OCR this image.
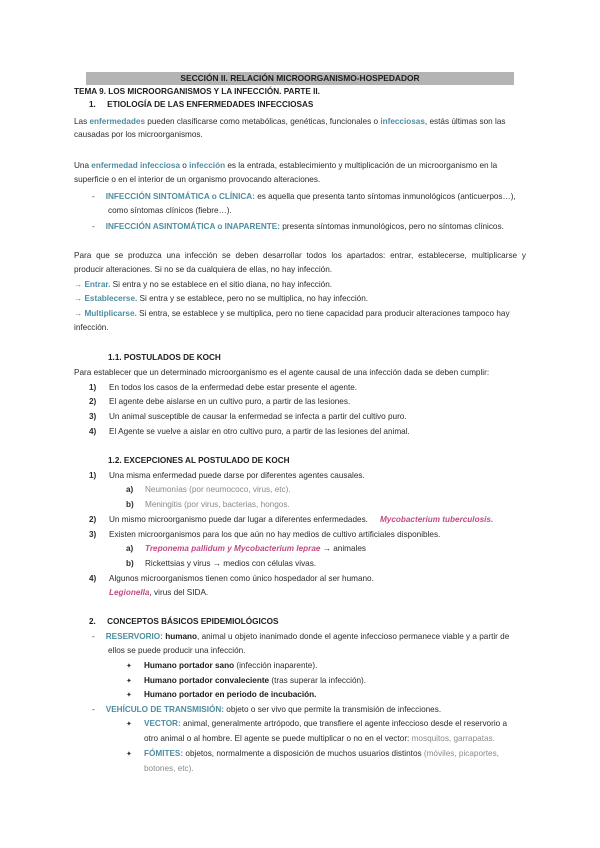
SECCIÓN II. RELACIÓN MICROORGANISMO-HOSPEDADOR
TEMA 9. LOS MICROORGANISMOS Y LA INFECCIÓN. PARTE II.
1. ETIOLOGÍA DE LAS ENFERMEDADES INFECCIOSAS
Las enfermedades pueden clasificarse como metabólicas, genéticas, funcionales o infecciosas, estás últimas son las
causadas por los microorganismos.
Una enfermedad infecciosa o infección es la entrada, establecimiento y multiplicación de un microorganismo en la
superficie o en el interior de un organismo provocando alteraciones.
- INFECCIÓN SINTOMÁTICA o CLÍNICA: es aquella que presenta tanto síntomas inmunológicos (anticuerpos…),
como síntomas clínicos (fiebre…).
- INFECCIÓN ASINTOMÁTICA o INAPARENTE: presenta síntomas inmunológicos, pero no síntomas clínicos.
Para que se produzca una infección se deben desarrollar todos los apartados: entrar, establecerse, multiplicarse y
producir alteraciones. Si no se da cualquiera de ellas, no hay infección.
→ Entrar. Si entra y no se establece en el sitio diana, no hay infección.
→ Establecerse. Si entra y se establece, pero no se multiplica, no hay infección.
→ Multiplicarse. Si entra, se establece y se multiplica, pero no tiene capacidad para producir alteraciones tampoco hay
infección.
1.1. POSTULADOS DE KOCH
Para establecer que un determinado microorganismo es el agente causal de una infección dada se deben cumplir:
1) En todos los casos de la enfermedad debe estar presente el agente.
2) El agente debe aislarse en un cultivo puro, a partir de las lesiones.
3) Un animal susceptible de causar la enfermedad se infecta a partir del cultivo puro.
4) El Agente se vuelve a aislar en otro cultivo puro, a partir de las lesiones del animal.
1.2. EXCEPCIONES AL POSTULADO DE KOCH
1) Una misma enfermedad puede darse por diferentes agentes causales.
a) Neumonías (por neumococo, virus, etc).
b) Meningitis (por virus, bacterias, hongos.
2) Un mismo microorganismo puede dar lugar a diferentes enfermedades. Mycobacterium tuberculosis.
3) Existen microorganismos para los que aún no hay medios de cultivo artificiales disponibles.
a) Treponema pallidum y Mycobacterium leprae → animales
b) Rickettsias y virus → medios con células vivas.
4) Algunos microorganismos tienen como único hospedador al ser humano.
Legionella, virus del SIDA.
2. CONCEPTOS BÁSICOS EPIDEMIOLÓGICOS
- RESERVORIO: humano, animal u objeto inanimado donde el agente infeccioso permanece viable y a partir de
ellos se puede producir una infección.
✦ Humano portador sano (infección inaparente).
✦ Humano portador convaleciente (tras superar la infección).
✦ Humano portador en periodo de incubación.
- VEHÍCULO DE TRANSMISIÓN: objeto o ser vivo que permite la transmisión de infecciones.
✦ VECTOR: animal, generalmente artrópodo, que transfiere el agente infeccioso desde el reservorio a
otro animal o al hombre. El agente se puede multiplicar o no en el vector: mosquitos, garrapatas.
✦ FÓMITES: objetos, normalmente a disposición de muchos usuarios distintos (móviles, picaportes,
botones, etc).
